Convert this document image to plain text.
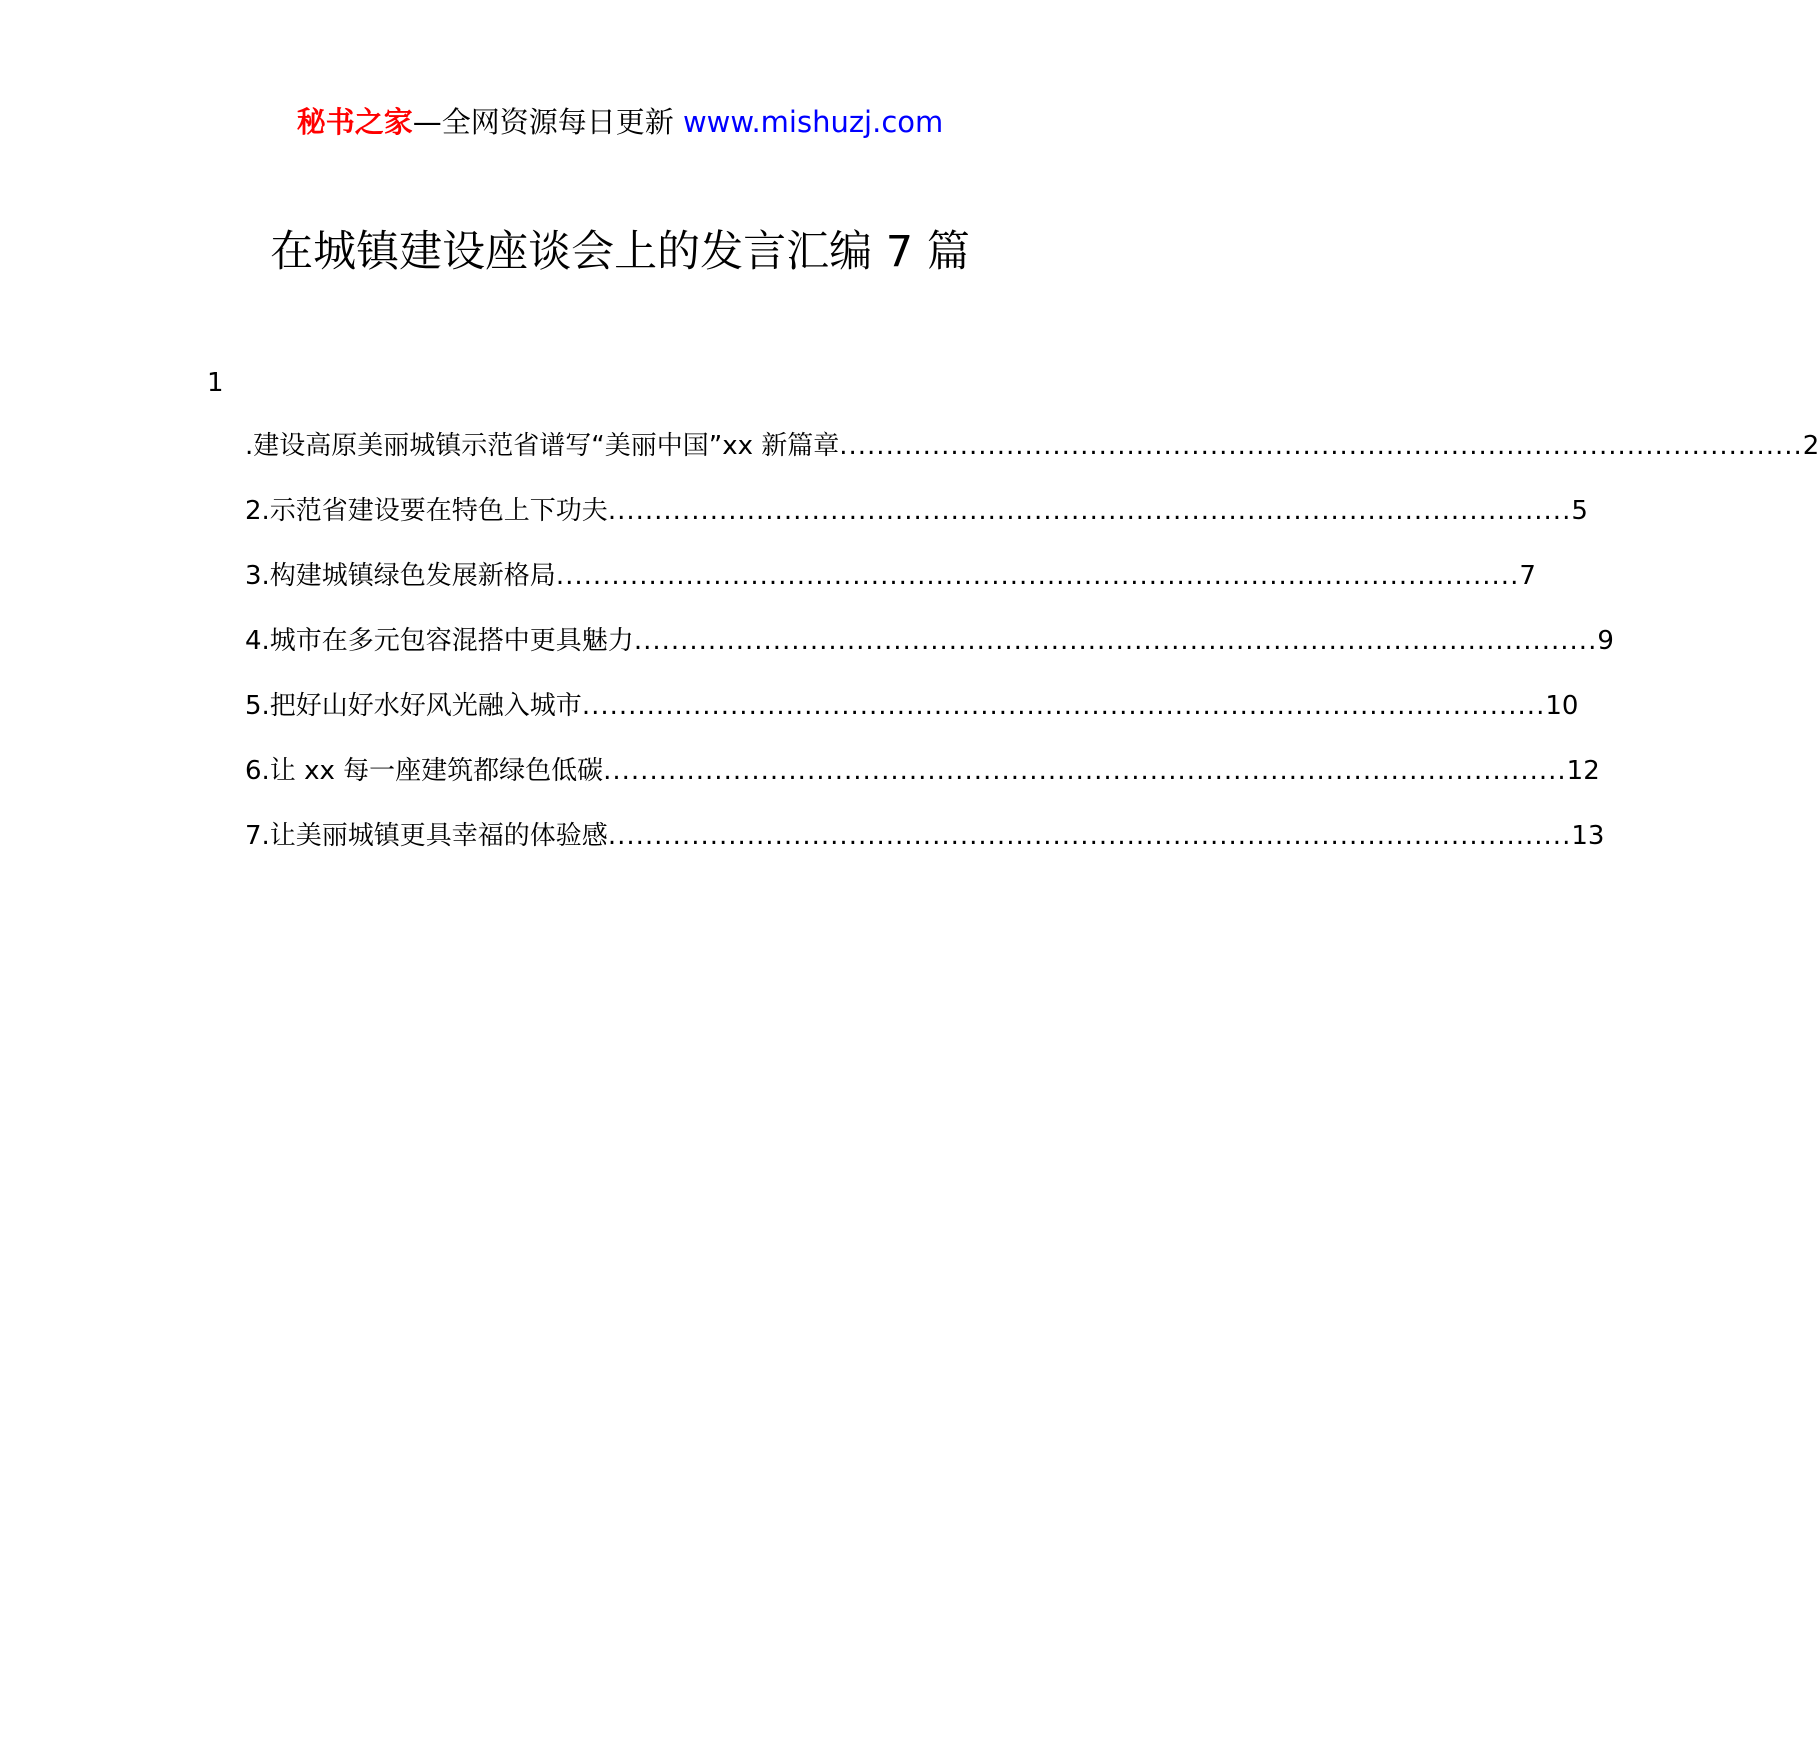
秘书之家—全网资源每日更新 www.mishuzj.com
在城镇建设座谈会上的发言汇编 7 篇
1
.建设高原美丽城镇示范省谱写“美丽中国”xx 新篇章 ........................................................................................................ 2
2.示范省建设要在特色上下功夫 ........................................................................................................ 5
3.构建城镇绿色发展新格局 ........................................................................................................ 7
4.城市在多元包容混搭中更具魅力 ........................................................................................................ 9
5.把好山好水好风光融入城市 ........................................................................................................ 10
6.让 xx 每一座建筑都绿色低碳 ........................................................................................................ 12
7.让美丽城镇更具幸福的体验感 ........................................................................................................ 13
